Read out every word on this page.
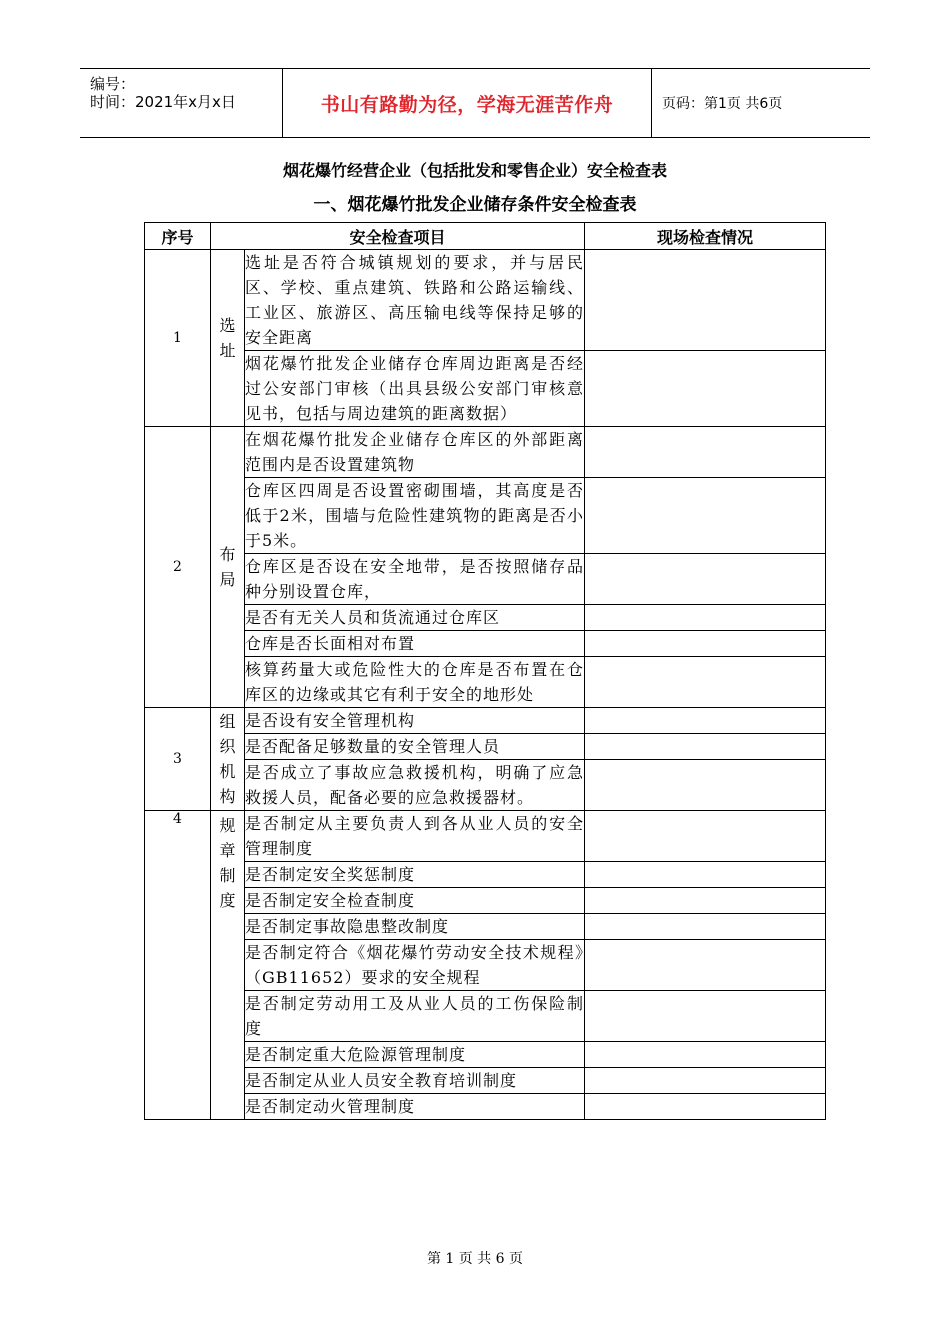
编号：
时间：2021年x月x日	书山有路勤为径，学海无涯苦作舟	页码：第1页 共6页
烟花爆竹经营企业（包括批发和零售企业）安全检查表
一、烟花爆竹批发企业储存条件安全检查表
序号	安全检查项目		现场检查情况
1	选址	选址是否符合城镇规划的要求，并与居民区、学校、重点建筑、铁路和公路运输线、工业区、旅游区、高压输电线等保持足够的安全距离	
		烟花爆竹批发企业储存仓库周边距离是否经过公安部门审核（出具县级公安部门审核意见书，包括与周边建筑的距离数据）	
2	布局	在烟花爆竹批发企业储存仓库区的外部距离范围内是否设置建筑物	
		仓库区四周是否设置密砌围墙，其高度是否低于2米，围墙与危险性建筑物的距离是否小于5米。	
		仓库区是否设在安全地带，是否按照储存品种分别设置仓库，	
		是否有无关人员和货流通过仓库区	
		仓库是否长面相对布置	
		核算药量大或危险性大的仓库是否布置在仓库区的边缘或其它有利于安全的地形处	
3	组织机构	是否设有安全管理机构	
		是否配备足够数量的安全管理人员	
		是否成立了事故应急救援机构，明确了应急救援人员，配备必要的应急救援器材。	
4	规章制度	是否制定从主要负责人到各从业人员的安全管理制度	
		是否制定安全奖惩制度	
		是否制定安全检查制度	
		是否制定事故隐患整改制度	
		是否制定符合《烟花爆竹劳动安全技术规程》（GB11652）要求的安全规程	
		是否制定劳动用工及从业人员的工伤保险制度	
		是否制定重大危险源管理制度	
		是否制定从业人员安全教育培训制度	
		是否制定动火管理制度	
第 1 页 共 6 页
